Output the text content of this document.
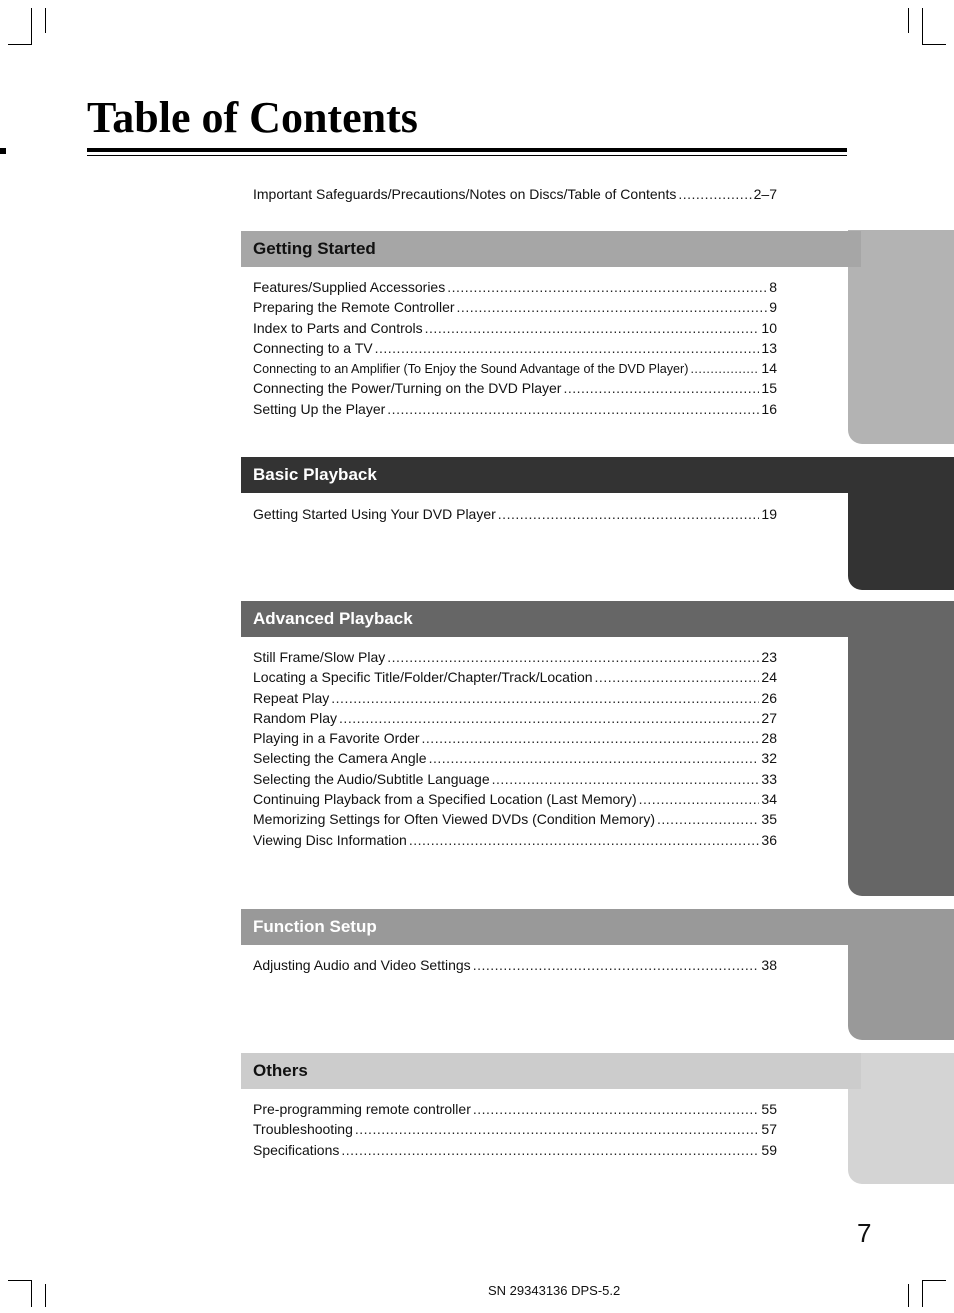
Table of Contents
Important Safeguards/Precautions/Notes on Discs/Table of Contents .....	2–7
Getting Started
Features/Supplied Accessories .....	8
Preparing the Remote Controller .....	9
Index to Parts and Controls .....	10
Connecting to a TV .....	13
Connecting to an Amplifier (To Enjoy the Sound Advantage of the DVD Player) .....	14
Connecting the Power/Turning on the DVD Player .....	15
Setting Up the Player .....	16
Basic Playback
Getting Started Using Your DVD Player .....	19
Advanced Playback
Still Frame/Slow Play .....	23
Locating a Specific Title/Folder/Chapter/Track/Location .....	24
Repeat Play .....	26
Random Play .....	27
Playing in a Favorite Order .....	28
Selecting the Camera Angle .....	32
Selecting the Audio/Subtitle Language .....	33
Continuing Playback from a Specified Location (Last Memory) .....	34
Memorizing Settings for Often Viewed DVDs (Condition Memory) .....	35
Viewing Disc Information .....	36
Function Setup
Adjusting Audio and Video Settings .....	38
Others
Pre-programming remote controller .....	55
Troubleshooting .....	57
Specifications .....	59
7
SN 29343136 DPS-5.2
